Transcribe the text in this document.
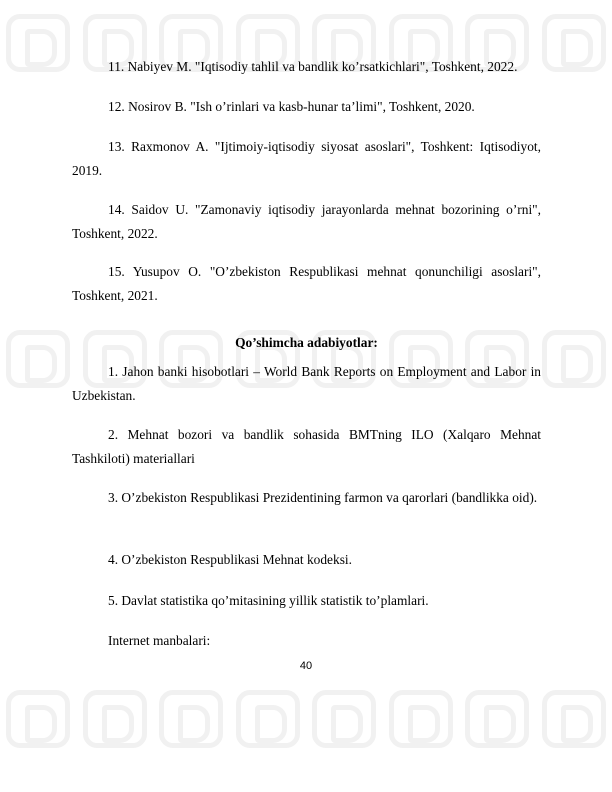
11. Nabiyev M. "Iqtisodiy tahlil va bandlik ko’rsatkichlari", Toshkent, 2022.

12. Nosirov B. "Ish o’rinlari va kasb-hunar ta’limi", Toshkent, 2020.

13. Raxmonov A. "Ijtimoiy-iqtisodiy siyosat asoslari", Toshkent: Iqtisodiyot, 2019.

14. Saidov U. "Zamonaviy iqtisodiy jarayonlarda mehnat bozorining o’rni", Toshkent, 2022.

15. Yusupov O. "O’zbekiston Respublikasi mehnat qonunchiligi asoslari", Toshkent, 2021.

Qo’shimcha adabiyotlar:

1. Jahon banki hisobotlari – World Bank Reports on Employment and Labor in Uzbekistan.

2. Mehnat bozori va bandlik sohasida BMTning ILO (Xalqaro Mehnat Tashkiloti) materiallari

3. O’zbekiston Respublikasi Prezidentining farmon va qarorlari (bandlikka oid).

4. O’zbekiston Respublikasi Mehnat kodeksi.

5. Davlat statistika qo’mitasining yillik statistik to’plamlari.

Internet manbalari:

40
